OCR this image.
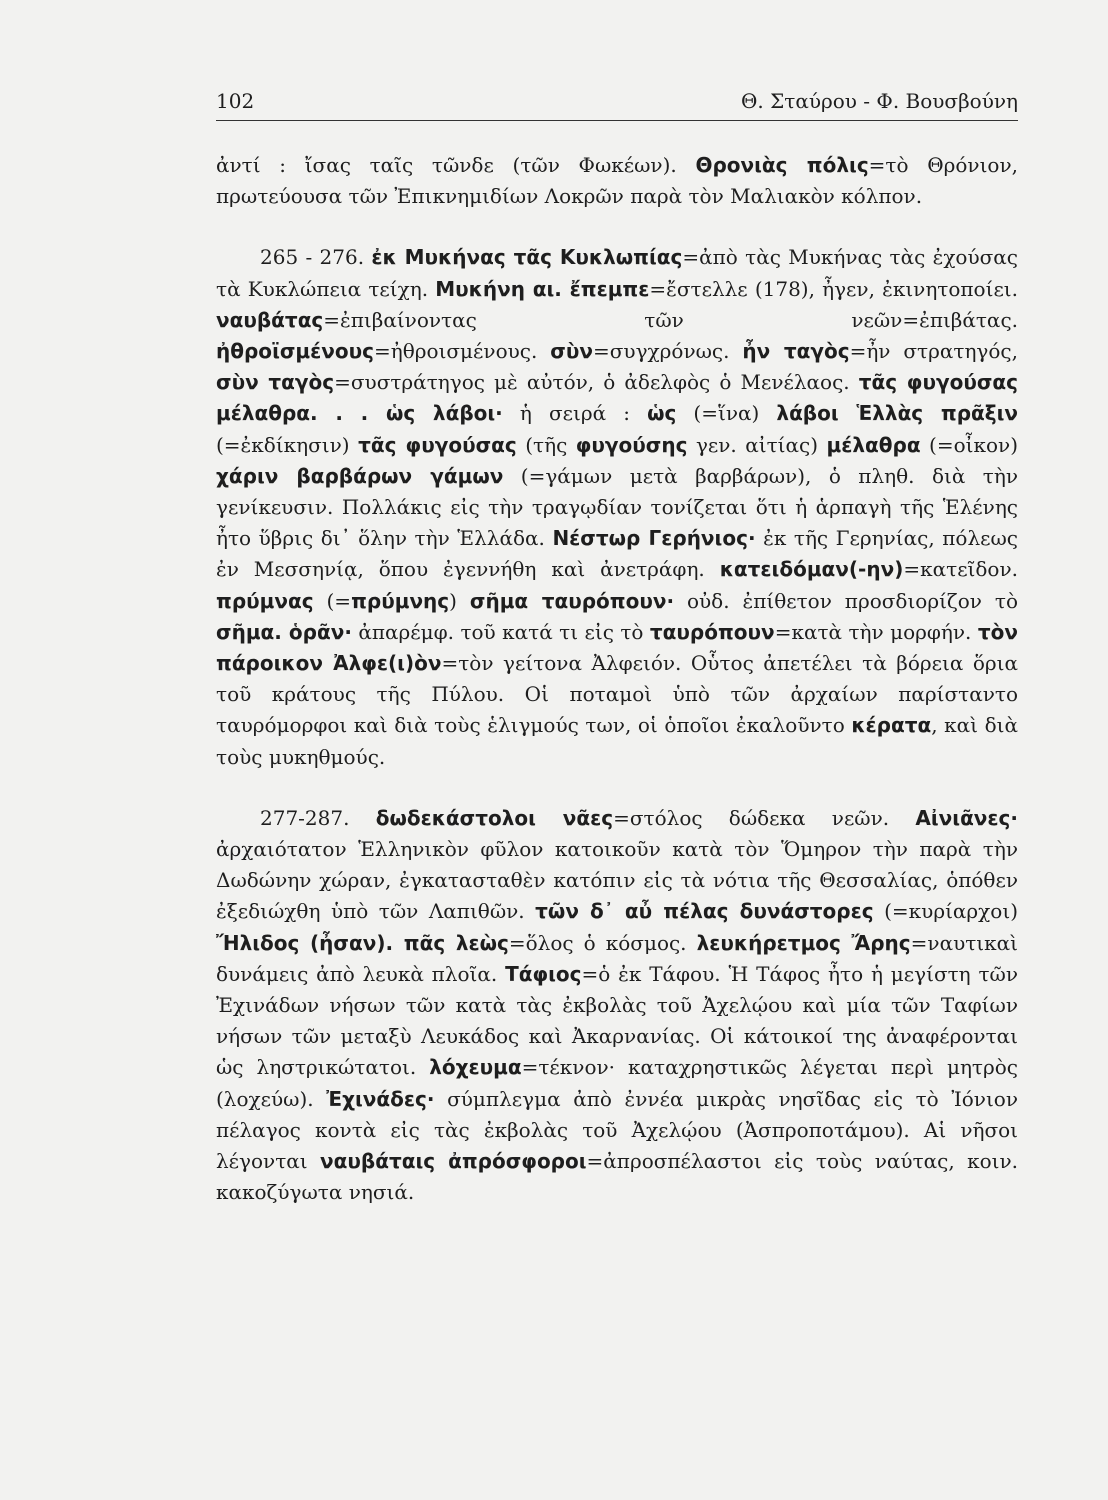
102	Θ. Σταύρου - Φ. Βουσβούνη

ἀντί : ἴσας ταῖς τῶνδε (τῶν Φωκέων). Θρονιὰς πόλις=τὸ Θρόνιον, πρωτεύουσα τῶν Ἐπικνημιδίων Λοκρῶν παρὰ τὸν Μαλιακὸν κόλπον.

265 - 276. ἐκ Μυκήνας τᾶς Κυκλωπίας=ἀπὸ τὰς Μυκήνας τὰς ἐχούσας τὰ Κυκλώπεια τείχη. Μυκήνη αι. ἔπεμπε=ἔστελλε (178), ἦγεν, ἐκινητοποίει. ναυβάτας=ἐπιβαίνοντας τῶν νεῶν=ἐπιβάτας. ἠθροϊσμένους=ἠθροισμένους. σὺν=συγχρόνως. ἦν ταγὸς=ἦν στρατηγός, σὺν ταγὸς=συστράτηγος μὲ αὐτόν, ὁ ἀδελφὸς ὁ Μενέλαος. τᾶς φυγούσας μέλαθρα. . . ὡς λάβοι· ἡ σειρά : ὡς (=ἵνα) λάβοι Ἑλλὰς πρᾶξιν (=ἐκδίκησιν) τᾶς φυγούσας (τῆς φυγούσης γεν. αἰτίας) μέλαθρα (=οἶκον) χάριν βαρβάρων γάμων (=γάμων μετὰ βαρβάρων), ὁ πληθ. διὰ τὴν γενίκευσιν. Πολλάκις εἰς τὴν τραγῳδίαν τονίζεται ὅτι ἡ ἁρπαγὴ τῆς Ἑλένης ἦτο ὕβρις δι᾽ ὅλην τὴν Ἑλλάδα. Νέστωρ Γερήνιος· ἐκ τῆς Γερηνίας, πόλεως ἐν Μεσσηνίᾳ, ὅπου ἐγεννήθη καὶ ἀνετράφη. κατειδόμαν(-ην)=κατεῖδον. πρύμνας (=πρύμνης) σῆμα ταυρόπουν· οὐδ. ἐπίθετον προσδιορίζον τὸ σῆμα. ὁρᾶν· ἀπαρέμφ. τοῦ κατά τι εἰς τὸ ταυρόπουν=κατὰ τὴν μορφήν. τὸν πάροικον Ἀλφε(ι)ὸν=τὸν γείτονα Ἀλφειόν. Οὗτος ἀπετέλει τὰ βόρεια ὅρια τοῦ κράτους τῆς Πύλου. Οἱ ποταμοὶ ὑπὸ τῶν ἀρχαίων παρίσταντο ταυρόμορφοι καὶ διὰ τοὺς ἑλιγμούς των, οἱ ὁποῖοι ἐκαλοῦντο κέρατα, καὶ διὰ τοὺς μυκηθμούς.

277-287. δωδεκάστολοι νᾶες=στόλος δώδεκα νεῶν. Αἰνιᾶνες· ἀρχαιότατον Ἑλληνικὸν φῦλον κατοικοῦν κατὰ τὸν Ὅμηρον τὴν παρὰ τὴν Δωδώνην χώραν, ἐγκατασταθὲν κατόπιν εἰς τὰ νότια τῆς Θεσσαλίας, ὁπόθεν ἐξεδιώχθη ὑπὸ τῶν Λαπιθῶν. τῶν δ᾽ αὖ πέλας δυνάστορες (=κυρίαρχοι) Ἤλιδος (ἦσαν). πᾶς λεὼς=ὅλος ὁ κόσμος. λευκήρετμος Ἄρης=ναυτικαὶ δυνάμεις ἀπὸ λευκὰ πλοῖα. Τάφιος=ὁ ἐκ Τάφου. Ἡ Τάφος ἦτο ἡ μεγίστη τῶν Ἐχινάδων νήσων τῶν κατὰ τὰς ἐκβολὰς τοῦ Ἀχελῴου καὶ μία τῶν Ταφίων νήσων τῶν μεταξὺ Λευκάδος καὶ Ἀκαρνανίας. Οἱ κάτοικοί της ἀναφέρονται ὡς ληστρικώτατοι. λόχευμα=τέκνον· καταχρηστικῶς λέγεται περὶ μητρὸς (λοχεύω). Ἐχινάδες· σύμπλεγμα ἀπὸ ἐννέα μικρὰς νησῖδας εἰς τὸ Ἰόνιον πέλαγος κοντὰ εἰς τὰς ἐκβολὰς τοῦ Ἀχελῴου (Ἀσπροποτάμου). Αἱ νῆσοι λέγονται ναυβάταις ἀπρόσφοροι=ἀπροσπέλαστοι εἰς τοὺς ναύτας, κοιν. κακοζύγωτα νησιά.
